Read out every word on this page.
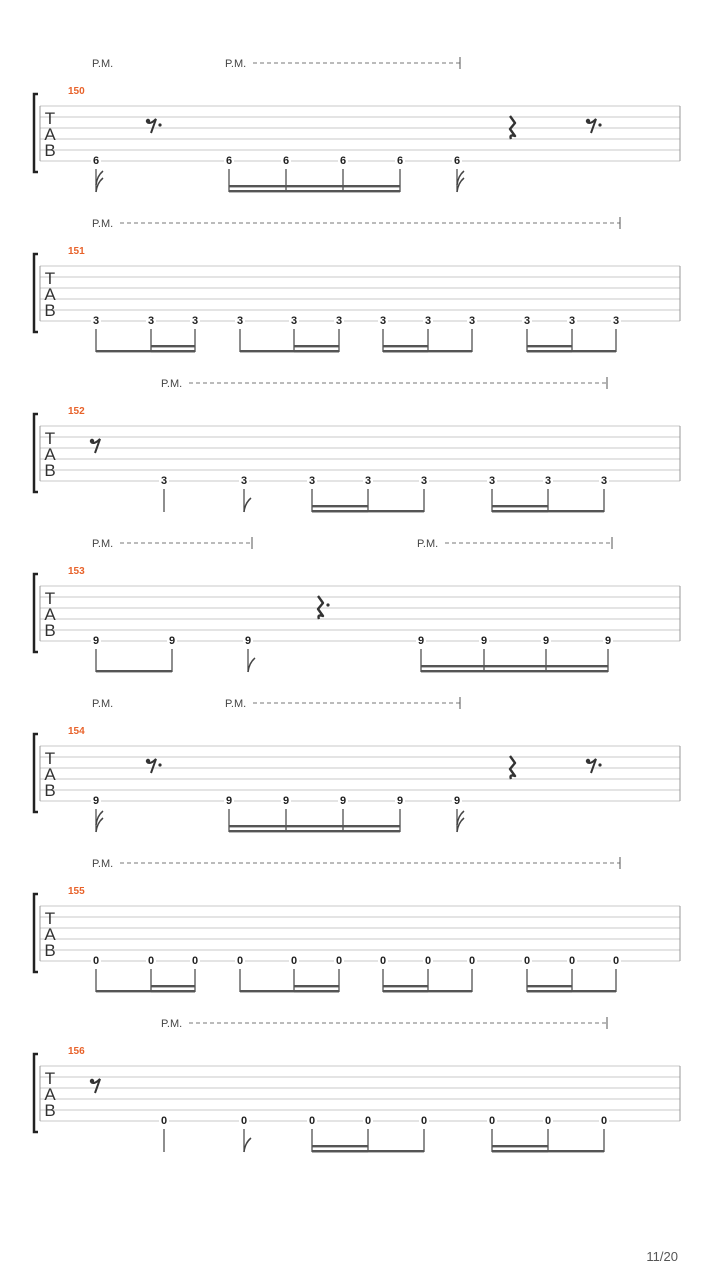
150
T
A
B
P.M.	P.M.
6	6	6	6	6	6
151
T
A
B
P.M.
3	3	3	3	3	3	3	3	3	3	3	3
152
T
A
B
P.M.
3	3	3	3	3	3	3	3
153
T
A
B
P.M.	P.M.
9	9	9	9	9	9	9
154
T
A
B
P.M.	P.M.
9	9	9	9	9	9
155
T
A
B
P.M.
0	0	0	0	0	0	0	0	0	0	0	0
156
T
A
B
P.M.
0	0	0	0	0	0	0	0
11/20
